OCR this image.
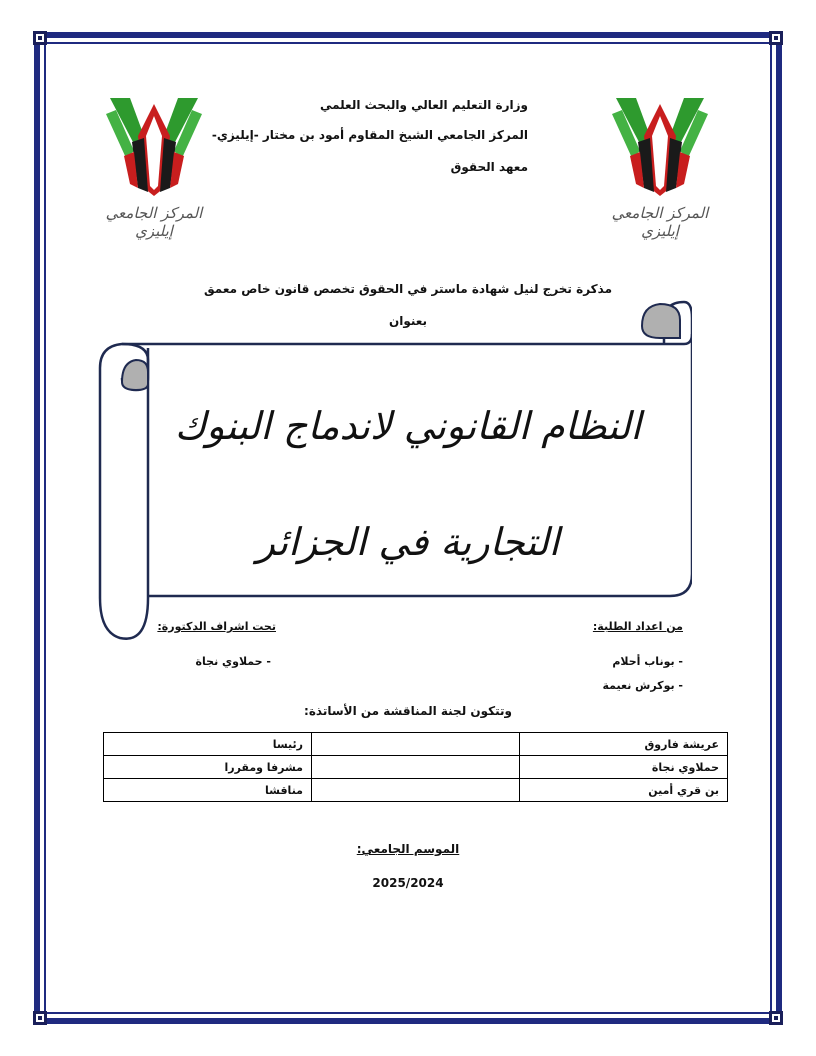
المركز الجامعي إيليزي
المركز الجامعي إيليزي
وزارة التعليم العالي والبحث العلمي
المركز الجامعي الشيخ المقاوم أمود بن مختار -إيليزي-
معهد الحقوق
مذكرة تخرج لنيل شهادة ماستر في الحقوق تخصص قانون خاص معمق
بعنوان
النظام القانوني لاندماج البنوك
التجارية في الجزائر
من اعداد الطلبة:
تحت اشراف الدكتورة:
- بوناب أحلام
- بوكرش نعيمة
- حملاوي نجاة
وتتكون لجنة المناقشة من الأساتذة:
عريشة فاروق		رئيسا
حملاوي نجاة		مشرفا ومقررا
بن قري أمين		مناقشا
الموسم الجامعي:
2025/2024
